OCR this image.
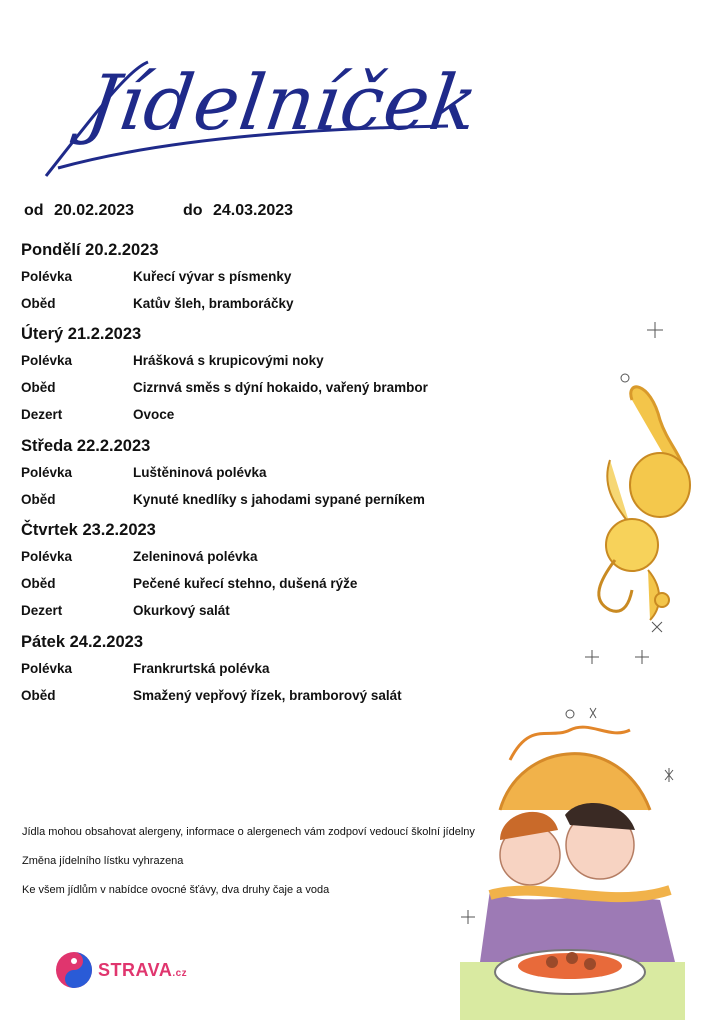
Jídelníček
od 20.02.2023	do 24.03.2023
Pondělí 20.2.2023
Polévka	Kuřecí vývar s písmenky
Oběd	Katův šleh, bramboráčky
Úterý 21.2.2023
Polévka	Hrášková s krupicovými noky
Oběd	Cizrnvá směs s dýní hokaido, vařený brambor
Dezert	Ovoce
Středa 22.2.2023
Polévka	Luštěninová polévka
Oběd	Kynuté knedlíky s jahodami sypané perníkem
Čtvrtek 23.2.2023
Polévka	Zeleninová polévka
Oběd	Pečené kuřecí stehno, dušená rýže
Dezert	Okurkový salát
Pátek 24.2.2023
Polévka	Frankrurtská polévka
Oběd	Smažený vepřový řízek, bramborový salát
Jídla mohou obsahovat alergeny, informace o alergenech vám zodpoví vedoucí školní jídelny
Změna jídelního lístku vyhrazena
Ke všem jídlům v nabídce ovocné šťávy, dva druhy čaje a voda
STRAVA.cz
